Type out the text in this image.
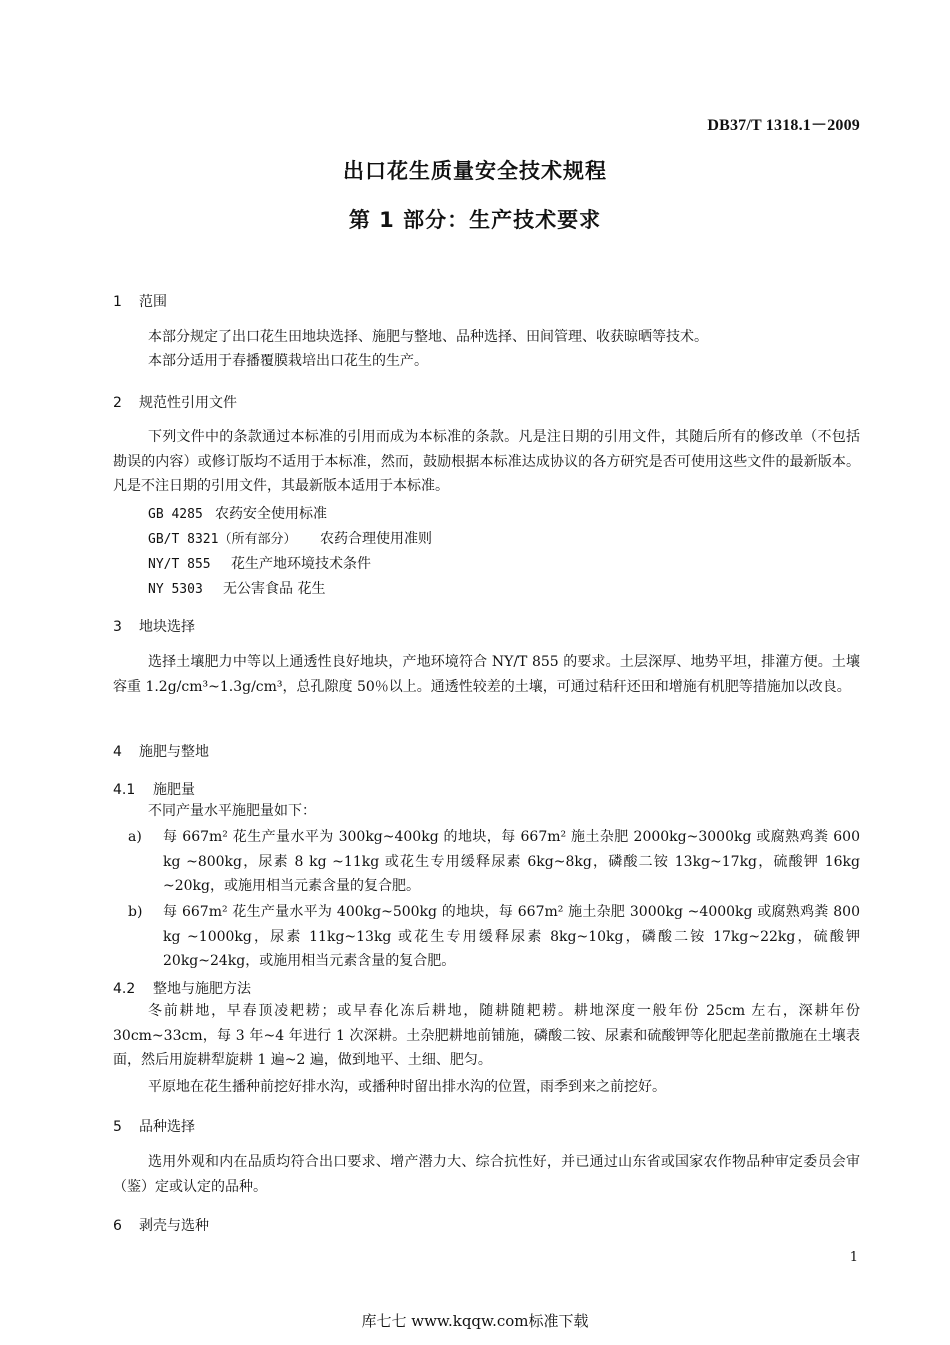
DB37/T 1318.1－2009
出口花生质量安全技术规程
第 1 部分：生产技术要求
1 范围
本部分规定了出口花生田地块选择、施肥与整地、品种选择、田间管理、收获晾晒等技术。
本部分适用于春播覆膜栽培出口花生的生产。
2 规范性引用文件
下列文件中的条款通过本标准的引用而成为本标准的条款。凡是注日期的引用文件，其随后所有的修改单（不包括勘误的内容）或修订版均不适用于本标准，然而，鼓励根据本标准达成协议的各方研究是否可使用这些文件的最新版本。凡是不注日期的引用文件，其最新版本适用于本标准。
GB 4285 农药安全使用标准
GB/T 8321（所有部分） 农药合理使用准则
NY/T 855 花生产地环境技术条件
NY 5303 无公害食品 花生
3 地块选择
选择土壤肥力中等以上通透性良好地块，产地环境符合 NY/T 855 的要求。土层深厚、地势平坦，排灌方便。土壤容重 1.2g/cm³~1.3g/cm³，总孔隙度 50％以上。通透性较差的土壤，可通过秸秆还田和增施有机肥等措施加以改良。
4 施肥与整地
4.1 施肥量
不同产量水平施肥量如下：
a) 每 667m² 花生产量水平为 300kg~400kg 的地块，每 667m² 施土杂肥 2000kg~3000kg 或腐熟鸡粪 600 kg ~800kg，尿素 8 kg ~11kg 或花生专用缓释尿素 6kg~8kg，磷酸二铵 13kg~17kg，硫酸钾 16kg ~20kg，或施用相当元素含量的复合肥。
b) 每 667m² 花生产量水平为 400kg~500kg 的地块，每 667m² 施土杂肥 3000kg ~4000kg 或腐熟鸡粪 800 kg ~1000kg，尿素 11kg~13kg 或花生专用缓释尿素 8kg~10kg，磷酸二铵 17kg~22kg，硫酸钾 20kg~24kg，或施用相当元素含量的复合肥。
4.2 整地与施肥方法
冬前耕地，早春顶凌耙耢；或早春化冻后耕地，随耕随耙耢。耕地深度一般年份 25cm 左右，深耕年份 30cm~33cm，每 3 年~4 年进行 1 次深耕。土杂肥耕地前铺施，磷酸二铵、尿素和硫酸钾等化肥起垄前撒施在土壤表面，然后用旋耕犁旋耕 1 遍~2 遍，做到地平、土细、肥匀。
平原地在花生播种前挖好排水沟，或播种时留出排水沟的位置，雨季到来之前挖好。
5 品种选择
选用外观和内在品质均符合出口要求、增产潜力大、综合抗性好，并已通过山东省或国家农作物品种审定委员会审（鉴）定或认定的品种。
6 剥壳与选种
1
库七七 www.kqqw.com标准下载
